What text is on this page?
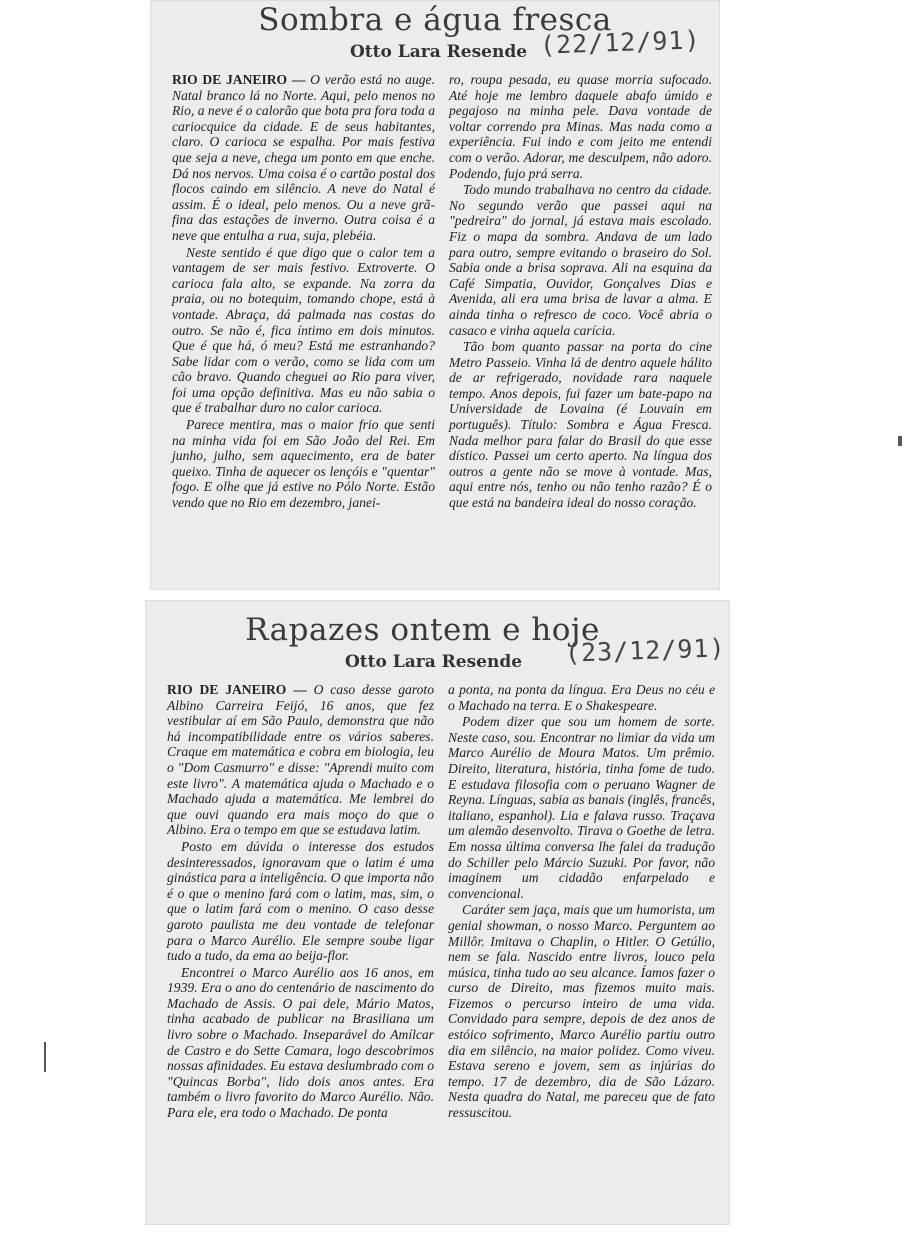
Sombra e água fresca
Otto Lara Resende (22/12/91)

RIO DE JANEIRO — O verão está no auge. Natal branco lá no Norte. Aqui, pelo menos no Rio, a neve é o calorão que bota pra fora toda a cariocquice da cidade. E de seus habitantes, claro. O carioca se espalha. Por mais festiva que seja a neve, chega um ponto em que enche. Dá nos nervos. Uma coisa é o cartão postal dos flocos caindo em silêncio. A neve do Natal é assim. É o ideal, pelo menos. Ou a neve grã-fina das estações de inverno. Outra coisa é a neve que entulha a rua, suja, plebéia.

Neste sentido é que digo que o calor tem a vantagem de ser mais festivo. Extroverte. O carioca fala alto, se expande. Na zorra da praia, ou no botequim, tomando chope, está à vontade. Abraça, dá palmada nas costas do outro. Se não é, fica íntimo em dois minutos. Que é que há, ó meu? Está me estranhando? Sabe lidar com o verão, como se lida com um cão bravo. Quando cheguei ao Rio para viver, foi uma opção definitiva. Mas eu não sabia o que é trabalhar duro no calor carioca.

Parece mentira, mas o maior frio que senti na minha vida foi em São João del Rei. Em junho, julho, sem aquecimento, era de bater queixo. Tinha de aquecer os lençóis e "quentar" fogo. E olhe que já estive no Pólo Norte. Estão vendo que no Rio em dezembro, janei-

ro, roupa pesada, eu quase morria sufocado. Até hoje me lembro daquele abafo úmido e pegajoso na minha pele. Dava vontade de voltar correndo pra Minas. Mas nada como a experiência. Fui indo e com jeito me entendi com o verão. Adorar, me desculpem, não adoro. Podendo, fujo prá serra.

Todo mundo trabalhava no centro da cidade. No segundo verão que passei aqui na "pedreira" do jornal, já estava mais escolado. Fiz o mapa da sombra. Andava de um lado para outro, sempre evitando o braseiro do Sol. Sabia onde a brisa soprava. Ali na esquina da Café Simpatia, Ouvidor, Gonçalves Dias e Avenida, ali era uma brisa de lavar a alma. E ainda tinha o refresco de coco. Você abria o casaco e vinha aquela carícia.

Tão bom quanto passar na porta do cine Metro Passeio. Vinha lá de dentro aquele hálito de ar refrigerado, novidade rara naquele tempo. Anos depois, fui fazer um bate-papo na Universidade de Lovaina (é Louvain em português). Título: Sombra e Água Fresca. Nada melhor para falar do Brasil do que esse dístico. Passei um certo aperto. Na língua dos outros a gente não se move à vontade. Mas, aqui entre nós, tenho ou não tenho razão? É o que está na bandeira ideal do nosso coração.

Rapazes ontem e hoje
Otto Lara Resende (23/12/91)

RIO DE JANEIRO — O caso desse garoto Albino Carreira Feijó, 16 anos, que fez vestibular aí em São Paulo, demonstra que não há incompatibilidade entre os vários saberes. Craque em matemática e cobra em biologia, leu o "Dom Casmurro" e disse: "Aprendi muito com este livro". A matemática ajuda o Machado e o Machado ajuda a matemática. Me lembrei do que ouvi quando era mais moço do que o Albino. Era o tempo em que se estudava latim.

Posto em dúvida o interesse dos estudos desinteressados, ignoravam que o latim é uma ginástica para a inteligência. O que importa não é o que o menino fará com o latim, mas, sim, o que o latim fará com o menino. O caso desse garoto paulista me deu vontade de telefonar para o Marco Aurélio. Ele sempre soube ligar tudo a tudo, da ema ao beija-flor.

Encontrei o Marco Aurélio aos 16 anos, em 1939. Era o ano do centenário de nascimento do Machado de Assis. O pai dele, Mário Matos, tinha acabado de publicar na Brasiliana um livro sobre o Machado. Inseparável do Amílcar de Castro e do Sette Camara, logo descobrimos nossas afinidades. Eu estava deslumbrado com o "Quincas Borba", lido dois anos antes. Era também o livro favorito do Marco Aurélio. Não. Para ele, era todo o Machado. De ponta

a ponta, na ponta da língua. Era Deus no céu e o Machado na terra. E o Shakespeare.

Podem dizer que sou um homem de sorte. Neste caso, sou. Encontrar no limiar da vida um Marco Aurélio de Moura Matos. Um prêmio. Direito, literatura, história, tinha fome de tudo. E estudava filosofia com o peruano Wagner de Reyna. Línguas, sabia as banais (inglês, francês, italiano, espanhol). Lia e falava russo. Traçava um alemão desenvolto. Tirava o Goethe de letra. Em nossa última conversa lhe falei da tradução do Schiller pelo Márcio Suzuki. Por favor, não imaginem um cidadão enfarpelado e convencional.

Caráter sem jaça, mais que um humorista, um genial showman, o nosso Marco. Perguntem ao Millôr. Imitava o Chaplin, o Hitler. O Getúlio, nem se fala. Nascido entre livros, louco pela música, tinha tudo ao seu alcance. Íamos fazer o curso de Direito, mas fizemos muito mais. Fizemos o percurso inteiro de uma vida. Convidado para sempre, depois de dez anos de estóico sofrimento, Marco Aurélio partiu outro dia em silêncio, na maior polidez. Como viveu. Estava sereno e jovem, sem as injúrias do tempo. 17 de dezembro, dia de São Lázaro. Nesta quadra do Natal, me pareceu que de fato ressuscitou.
